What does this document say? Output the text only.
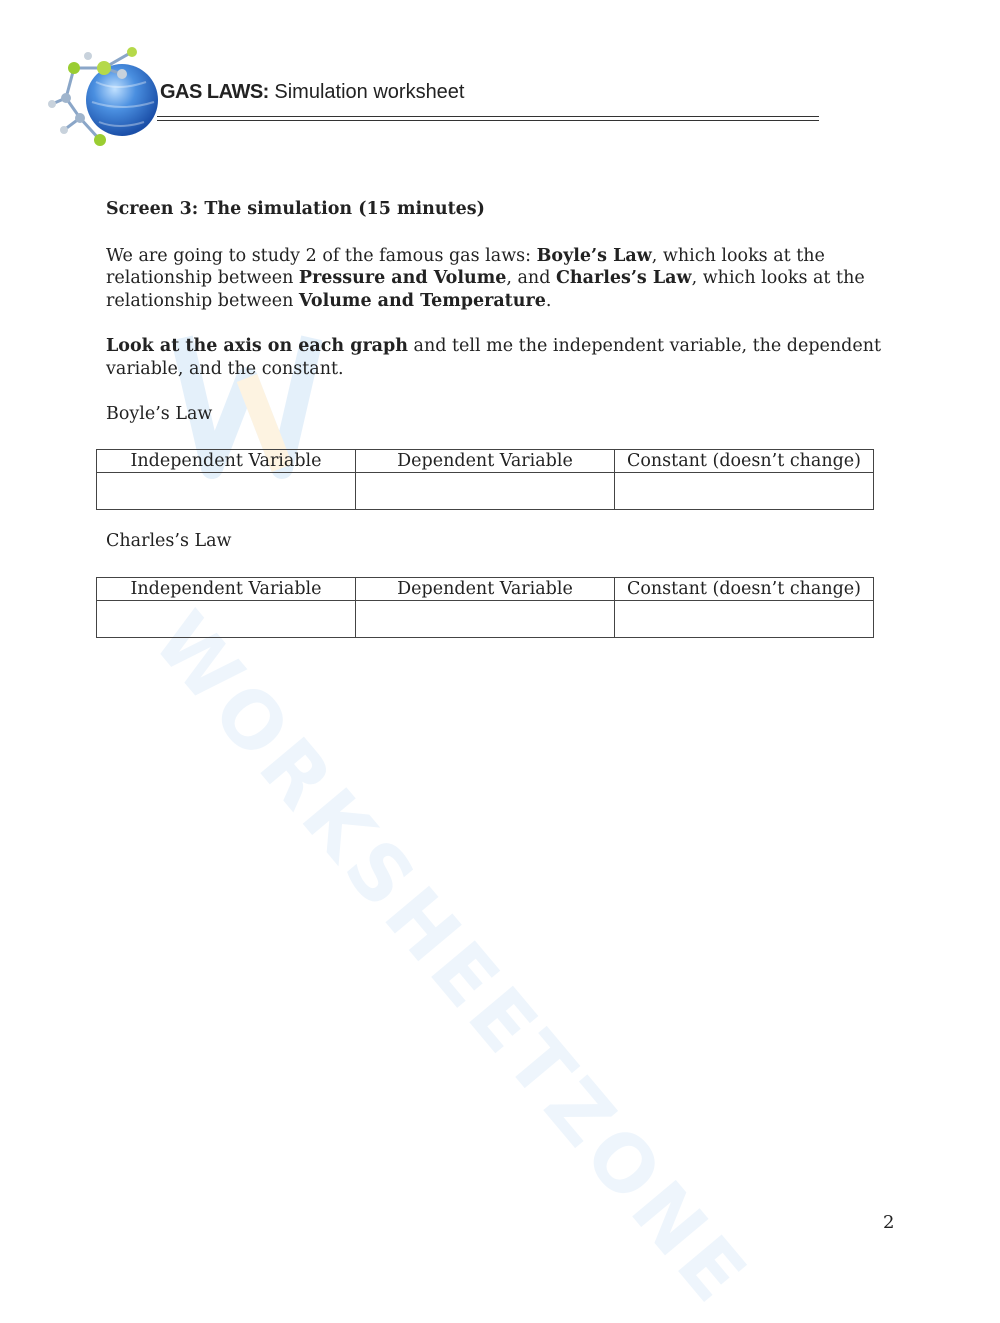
GAS LAWS: Simulation worksheet
WORKSHEETZONE

Screen 3: The simulation (15 minutes)

We are going to study 2 of the famous gas laws: Boyle’s Law, which looks at the relationship between Pressure and Volume, and Charles’s Law, which looks at the relationship between Volume and Temperature.

Look at the axis on each graph and tell me the independent variable, the dependent variable, and the constant.

Boyle’s Law

Independent Variable	Dependent Variable	Constant (doesn’t change)

Charles’s Law
Independent Variable	Dependent Variable	Constant (doesn’t change)

2
